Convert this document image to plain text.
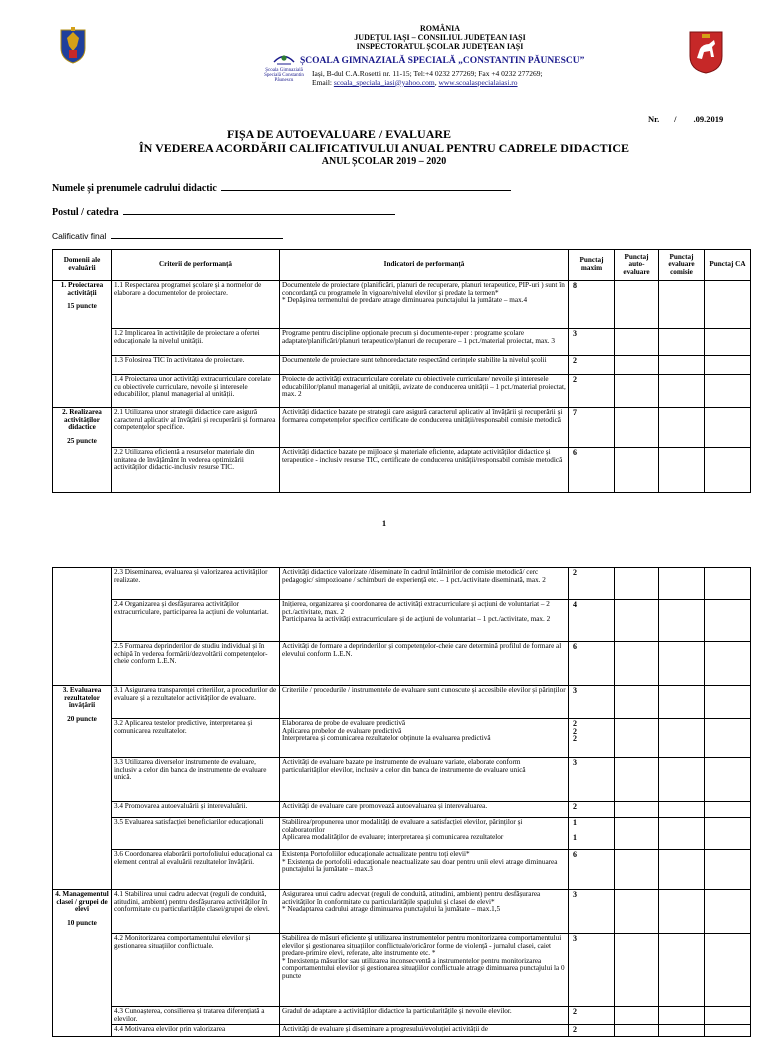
ROMÂNIA
JUDEȚUL IAȘI – CONSILIUL JUDEȚEAN IAȘI
INSPECTORATUL ȘCOLAR JUDEȚEAN IAȘI
Școala Gimnazială Specială Constantin Păunescu
ȘCOALA GIMNAZIALĂ SPECIALĂ „CONSTANTIN PĂUNESCU”
Iași, B-dul C.A.Rosetti nr. 11-15; Tel:+4 0232 277269; Fax +4 0232 277269;
Email: scoala_speciala_iasi@yahoo.com, www.scoalaspecialaiasi.ro
Nr. /        .09.2019
FIȘA DE AUTOEVALUARE / EVALUARE
ÎN VEDEREA ACORDĂRII CALIFICATIVULUI ANUAL PENTRU CADRELE DIDACTICE
ANUL ȘCOLAR 2019 – 2020
Numele și prenumele cadrului didactic
Postul / catedra
Calificativ final
Domenii ale evaluării	Criterii de performanță	Indicatori de performanță	Punctaj maxim	Punctaj auto-evaluare	Punctaj evaluare comisie	Punctaj CA

1. Proiectarea activității
15 puncte	1.1 Respectarea programei școlare și a normelor de elaborare a documentelor de proiectare.	Documentele de proiectare (planificări, planuri de recuperare, planuri terapeutice, PIP-uri ) sunt în concordanță cu programele în vigoare/nivelul elevilor și predate la termen*
* Depășirea termenului de predare atrage diminuarea punctajului la jumătate – max.4	8			

	1.2 Implicarea în activitățile de proiectare a ofertei educaționale la nivelul unității.	Programe pentru discipline opționale precum și documente-reper : programe școlare adaptate/planificări/planuri terapeutice/planuri de recuperare – 1 pct./material proiectat, max. 3	3			

	1.3 Folosirea TIC în activitatea de proiectare.	Documentele de proiectare sunt tehnoredactate respectând cerințele stabilite la nivelul școlii	2			

	1.4 Proiectarea unor activități extracurriculare corelate cu obiectivele curriculare, nevoile și interesele educabililor, planul managerial al unității.	Proiecte de activități extracurriculare corelate cu obiectivele curriculare/ nevoile și interesele educabililor/planul managerial al unității, avizate de conducerea unității – 1 pct./material proiectat, max. 2	2			

2. Realizarea activităților didactice
25 puncte	2.1 Utilizarea unor strategii didactice care asigură caracterul aplicativ al învățării și recuperării și formarea competențelor specifice.	Activități didactice bazate pe strategii care asigură caracterul aplicativ al învățării și recuperării și formarea competențelor specifice certificate de conducerea unității/responsabil comisie metodică	7			

	2.2 Utilizarea eficientă a resurselor materiale din unitatea de învățământ în vederea optimizării activităților didactic-inclusiv resurse TIC.	Activități didactice bazate pe mijloace și materiale eficiente, adaptate activităților didactice și terapeutice - inclusiv resurse TIC, certificate de conducerea unității/responsabil comisie metodică	6			

1

	2.3 Diseminarea, evaluarea și valorizarea activităților realizate.	Activități didactice valorizate /diseminate în cadrul întâlnirilor de comisie metodică/ cerc pedagogic/ simpozioane / schimburi de experiență etc. – 1 pct./activitate diseminată, max. 2	2			

	2.4 Organizarea și desfășurarea activităților extracurriculare, participarea la acțiuni de voluntariat.	Inițierea, organizarea și coordonarea de activități extracurriculare și acțiuni de voluntariat – 2 pct./activitate, max. 2
Participarea la activități extracurriculare și de acțiuni de voluntariat – 1 pct./activitate, max. 2	4			

	2.5 Formarea deprinderilor de studiu individual și în echipă în vederea formării/dezvoltării competențelor-cheie conform L.E.N.	Activități de formare a deprinderilor și competențelor-cheie care determină profilul de formare al elevului conform L.E.N.	6			

3. Evaluarea rezultatelor învățării
20 puncte	3.1 Asigurarea transparenței criteriilor, a procedurilor de evaluare și a rezultatelor activităților de evaluare.	Criteriile / procedurile / instrumentele de evaluare sunt cunoscute și accesibile elevilor și părinților	3			

	3.2 Aplicarea testelor predictive, interpretarea și comunicarea rezultatelor.	Elaborarea de probe de evaluare predictivă
Aplicarea probelor de evaluare predictivă
Interpretarea și comunicarea rezultatelor obținute la evaluarea predictivă	2
2
2			

	3.3 Utilizarea diverselor instrumente de evaluare, inclusiv a celor din banca de instrumente de evaluare unică.	Activități de evaluare bazate pe instrumente de evaluare variate, elaborate conform particularităților elevilor, inclusiv a celor din banca de instrumente de evaluare unică	3			

	3.4 Promovarea autoevaluării și interevaluării.	Activități de evaluare care promovează autoevaluarea și interevaluarea.	2			

	3.5 Evaluarea satisfacției beneficiarilor educaționali	Stabilirea/propunerea unor modalități de evaluare a satisfacției elevilor, părinților și colaboratorilor
Aplicarea modalităților de evaluare; interpretarea și comunicarea rezultatelor	1

1			

	3.6 Coordonarea elaborării portofoliului educațional ca element central al evaluării rezultatelor învățării.	Existența Portofoliilor educaționale actualizate pentru toți elevii*
* Existența de portofolii educaționale neactualizate sau doar pentru unii elevi atrage diminuarea punctajului la jumătate – max.3	6			

4. Managementul clasei / grupei de elevi
10 puncte	4.1 Stabilirea unui cadru adecvat (reguli de conduită, atitudini, ambient) pentru desfășurarea activităților în conformitate cu particularitățile clasei/grupei de elevi.	Asigurarea unui cadru adecvat (reguli de conduită, atitudini, ambient) pentru desfășurarea activităților în conformitate cu particularitățile spațiului și clasei de elevi*
* Neadaptarea cadrului atrage diminuarea punctajului la jumătate – max.1,5	3			

	4.2 Monitorizarea comportamentului elevilor și gestionarea situațiilor conflictuale.	Stabilirea de măsuri eficiente și utilizarea instrumentelor pentru monitorizarea comportamentului elevilor și gestionarea situațiilor conflictuale/oricăror forme de violență - jurnalul clasei, caiet predare-primire elevi, referate, alte instrumente etc. *
* Inexistența măsurilor sau utilizarea inconsecventă a instrumentelor pentru monitorizarea comportamentului elevilor și gestionarea situațiilor conflictuale atrage diminuarea punctajului la 0 puncte	3			

	4.3 Cunoașterea, consilierea și tratarea diferențiată a elevilor.	Gradul de adaptare a activităților didactice la particularitățile și nevoile elevilor.	2			

	4.4 Motivarea elevilor prin valorizarea	Activități de evaluare și diseminare a progresului/evoluției activității de	2			
